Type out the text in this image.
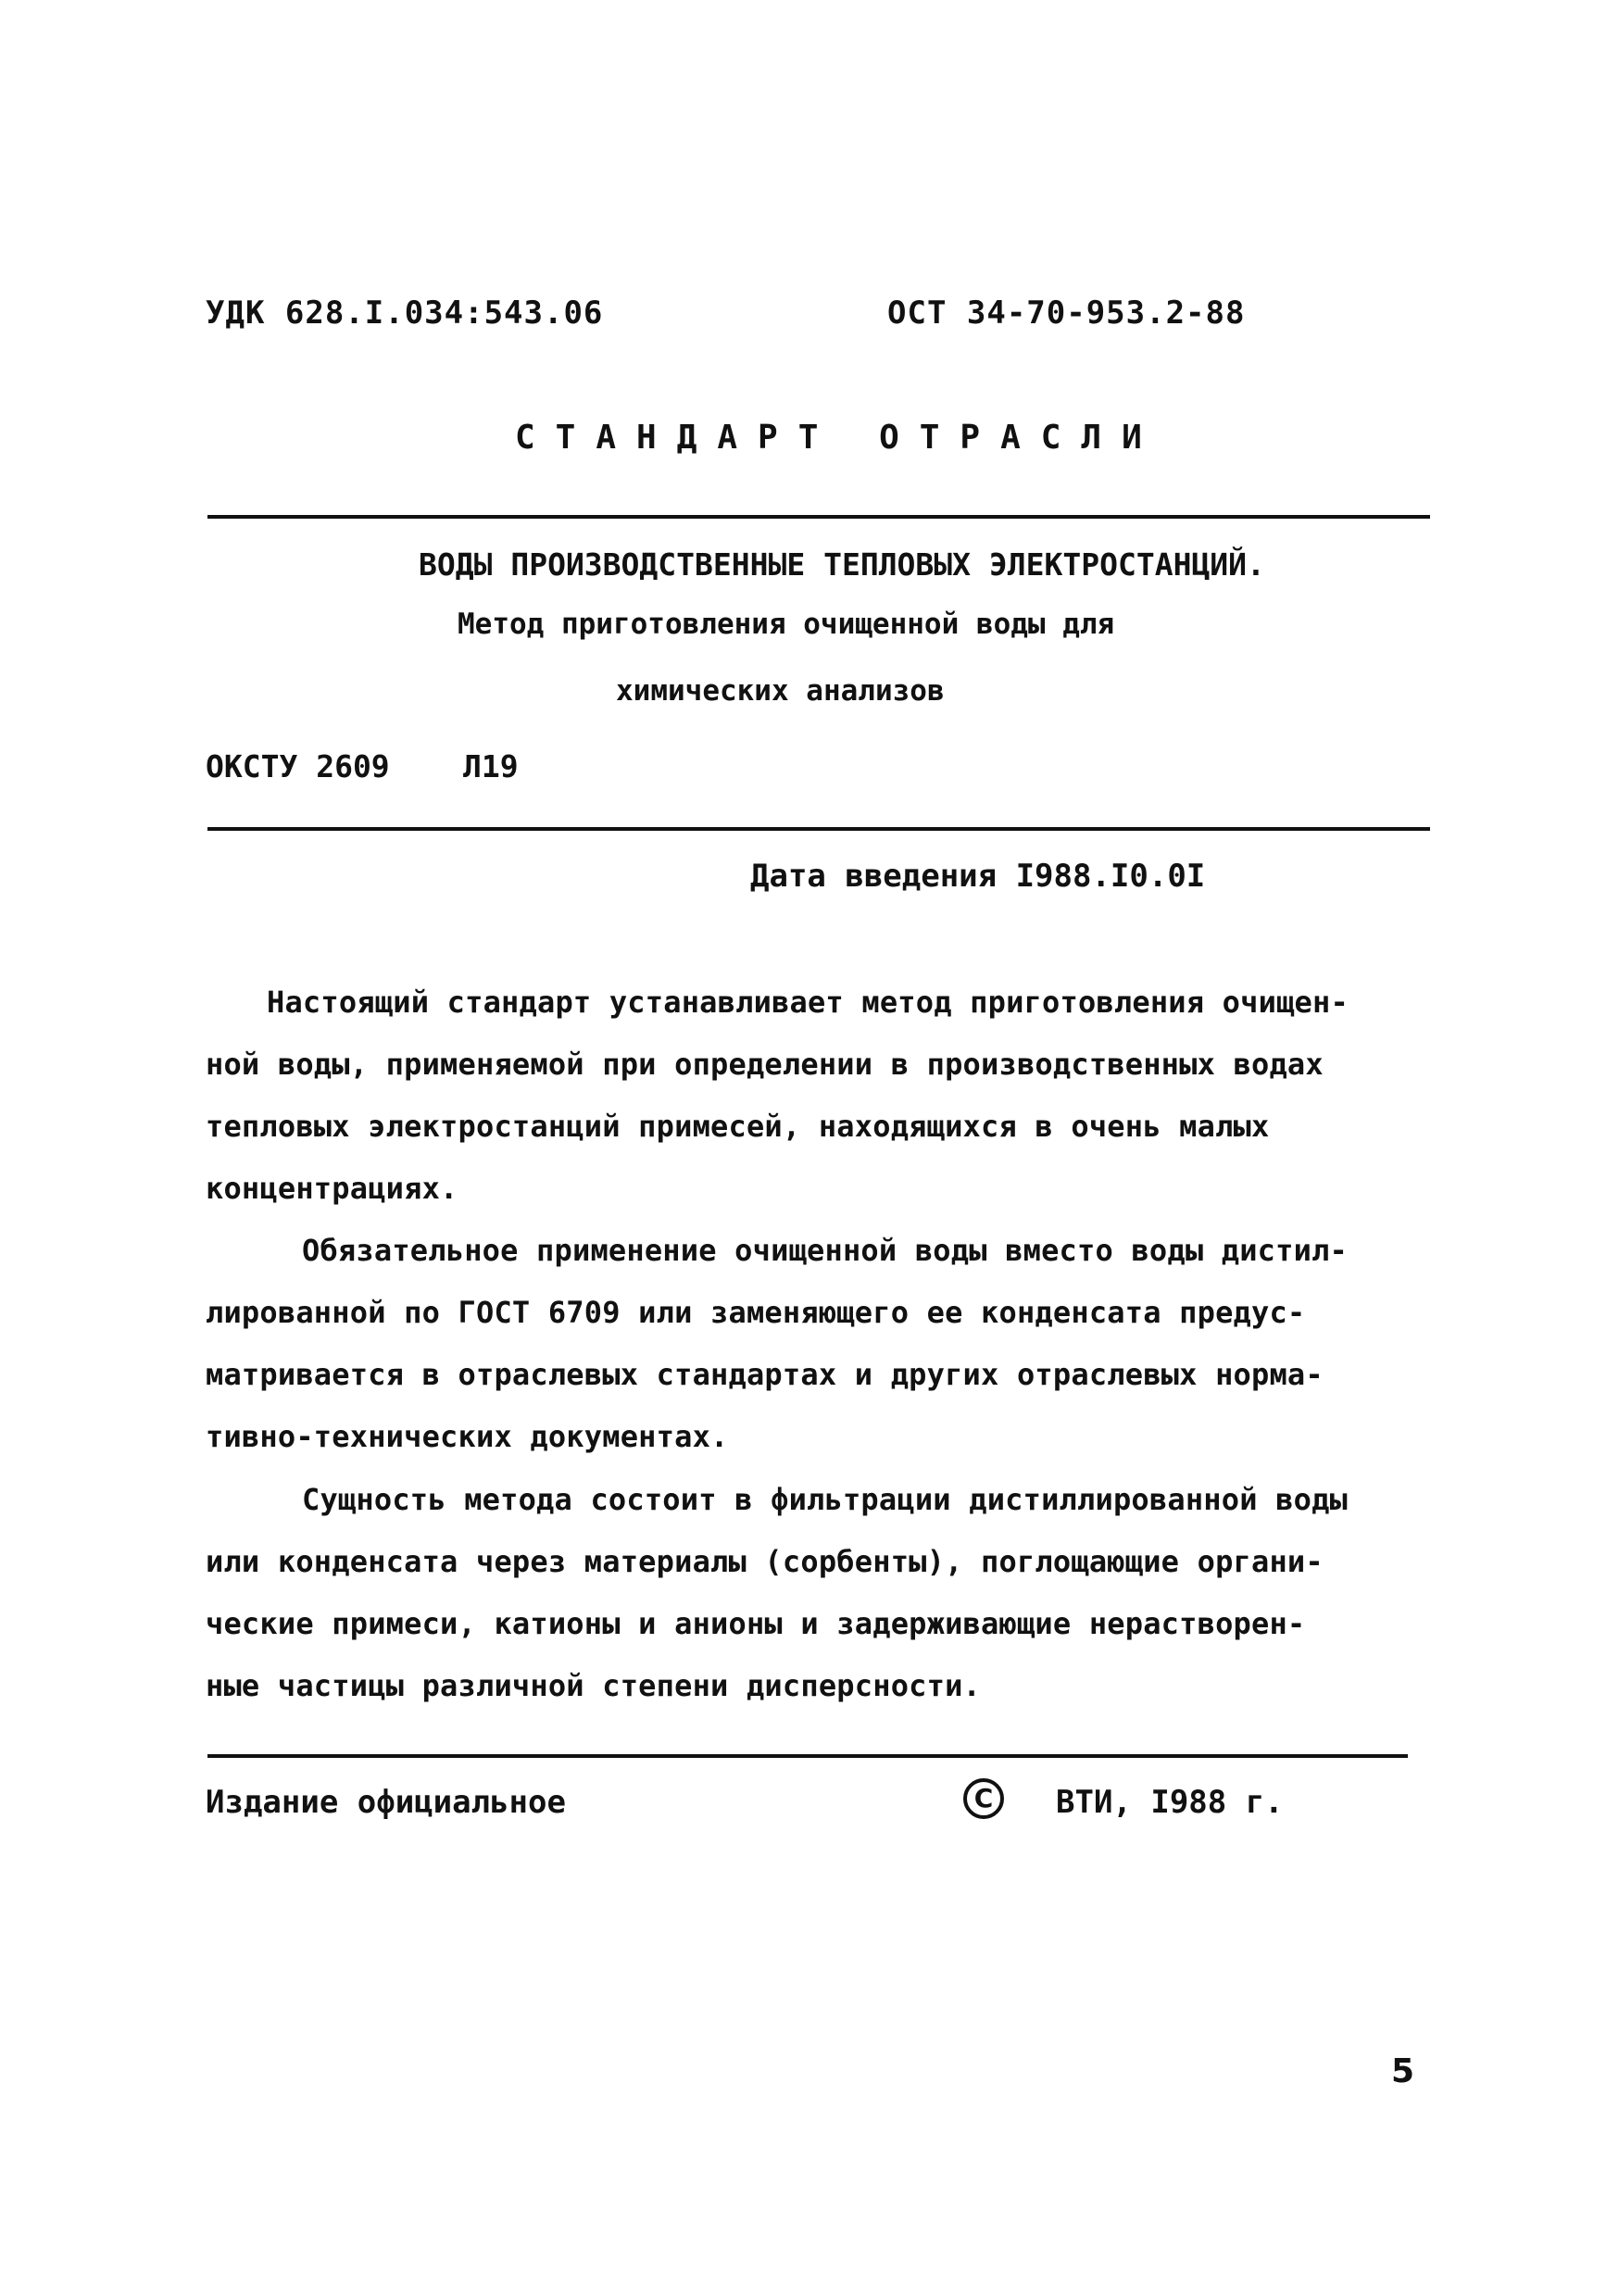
УДК 628.I.034:543.06	ОСТ 34-70-953.2-88
СТАНДАРТ ОТРАСЛИ
ВОДЫ ПРОИЗВОДСТВЕННЫЕ ТЕПЛОВЫХ ЭЛЕКТРОСТАНЦИЙ.
Метод приготовления очищенной воды для
химических анализов
ОКСТУ 2609 Л19
Дата введения I988.I0.0I
Настоящий стандарт устанавливает метод приготовления очищен-
ной воды, применяемой при определении в производственных водах
тепловых электростанций примесей, находящихся в очень малых
концентрациях.
Обязательное применение очищенной воды вместо воды дистил-
лированной по ГОСТ 6709 или заменяющего ее конденсата предус-
матривается в отраслевых стандартах и других отраслевых норма-
тивно-технических документах.
Сущность метода состоит в фильтрации дистиллированной воды
или конденсата через материалы (сорбенты), поглощающие органи-
ческие примеси, катионы и анионы и задерживающие нерастворен-
ные частицы различной степени дисперсности.
Издание официальное	C	ВТИ, I988 г.
5
